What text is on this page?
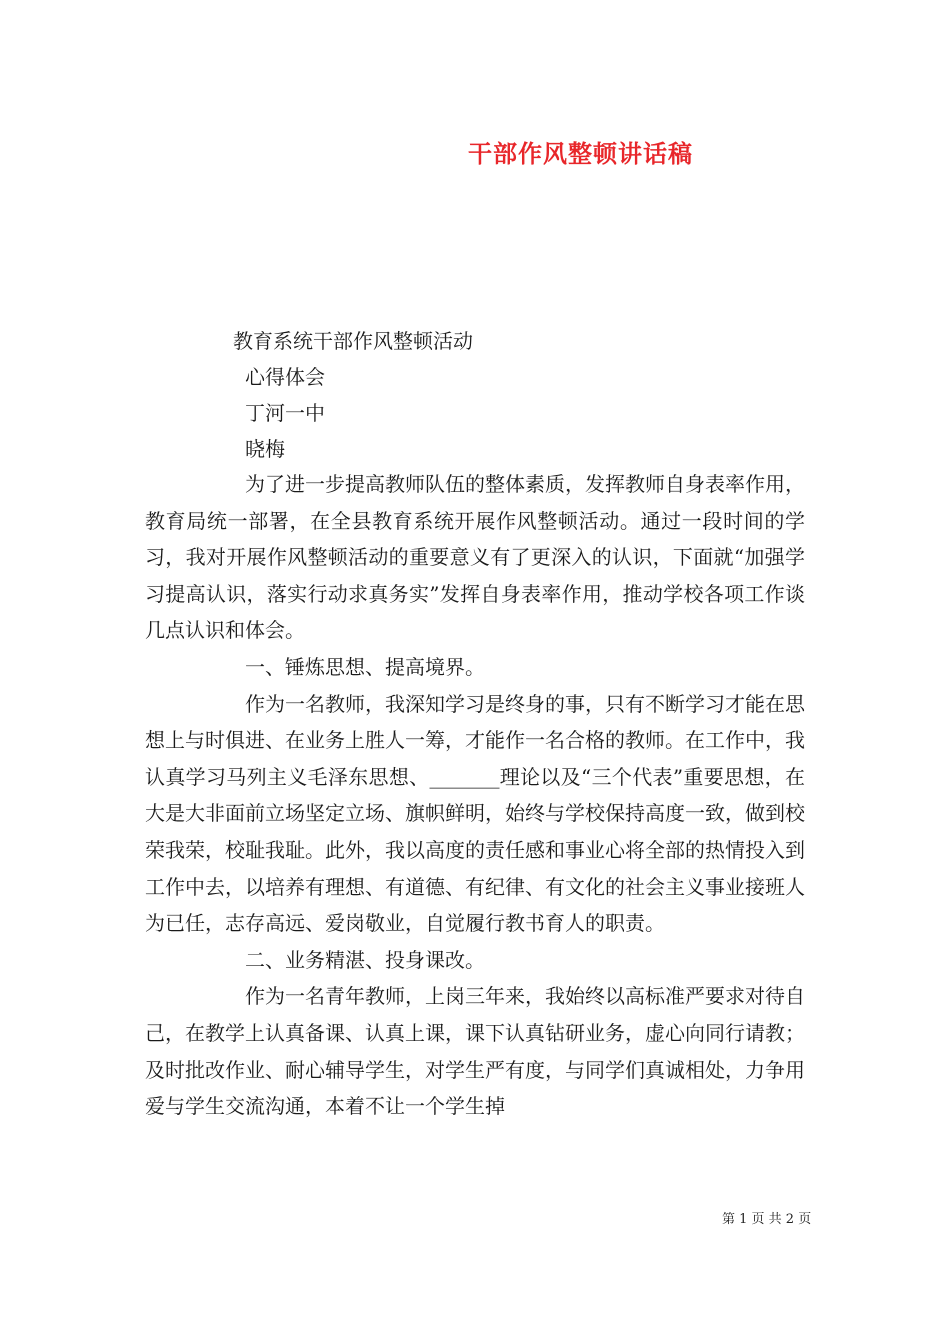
干部作风整顿讲话稿
教育系统干部作风整顿活动
心得体会
丁河一中
晓梅

为了进一步提高教师队伍的整体素质，发挥教师自身表率作用，教育局统一部署，在全县教育系统开展作风整顿活动。通过一段时间的学习，我对开展作风整顿活动的重要意义有了更深入的认识，下面就“加强学习提高认识，落实行动求真务实”发挥自身表率作用，推动学校各项工作谈几点认识和体会。

一、锤炼思想、提高境界。

作为一名教师，我深知学习是终身的事，只有不断学习才能在思想上与时俱进、在业务上胜人一筹，才能作一名合格的教师。在工作中，我认真学习马列主义毛泽东思想、_______理论以及“三个代表”重要思想，在大是大非面前立场坚定立场、旗帜鲜明，始终与学校保持高度一致，做到校荣我荣，校耻我耻。此外，我以高度的责任感和事业心将全部的热情投入到工作中去，以培养有理想、有道德、有纪律、有文化的社会主义事业接班人为已任，志存高远、爱岗敬业，自觉履行教书育人的职责。

二、业务精湛、投身课改。

作为一名青年教师，上岗三年来，我始终以高标准严要求对待自己，在教学上认真备课、认真上课，课下认真钻研业务，虚心向同行请教；及时批改作业、耐心辅导学生，对学生严有度，与同学们真诚相处，力争用爱与学生交流沟通，本着不让一个学生掉

第 1 页 共 2 页
